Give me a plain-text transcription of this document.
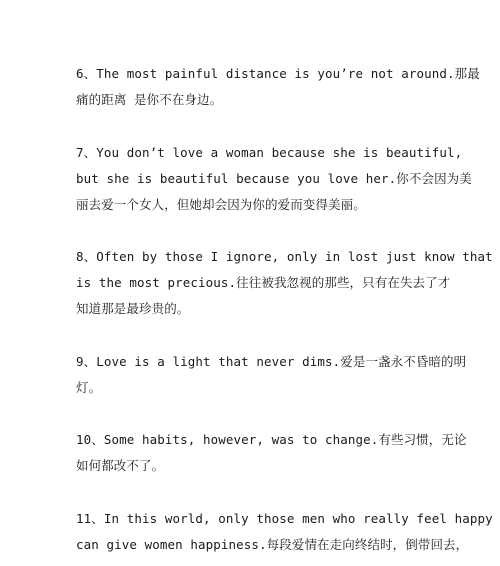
6、The most painful distance is you’re not around.那最
痛的距离 是你不在身边。
7、You don’t love a woman because she is beautiful,
but she is beautiful because you love her.你不会因为美
丽去爱一个女人，但她却会因为你的爱而变得美丽。
8、Often by those I ignore, only in lost just know that
is the most precious.往往被我忽视的那些，只有在失去了才
知道那是最珍贵的。
9、Love is a light that never dims.爱是一盏永不昏暗的明
灯。
10、Some habits, however, was to change.有些习惯，无论
如何都改不了。
11、In this world, only those men who really feel happy
can give women happiness.每段爱情在走向终结时，倒带回去，
